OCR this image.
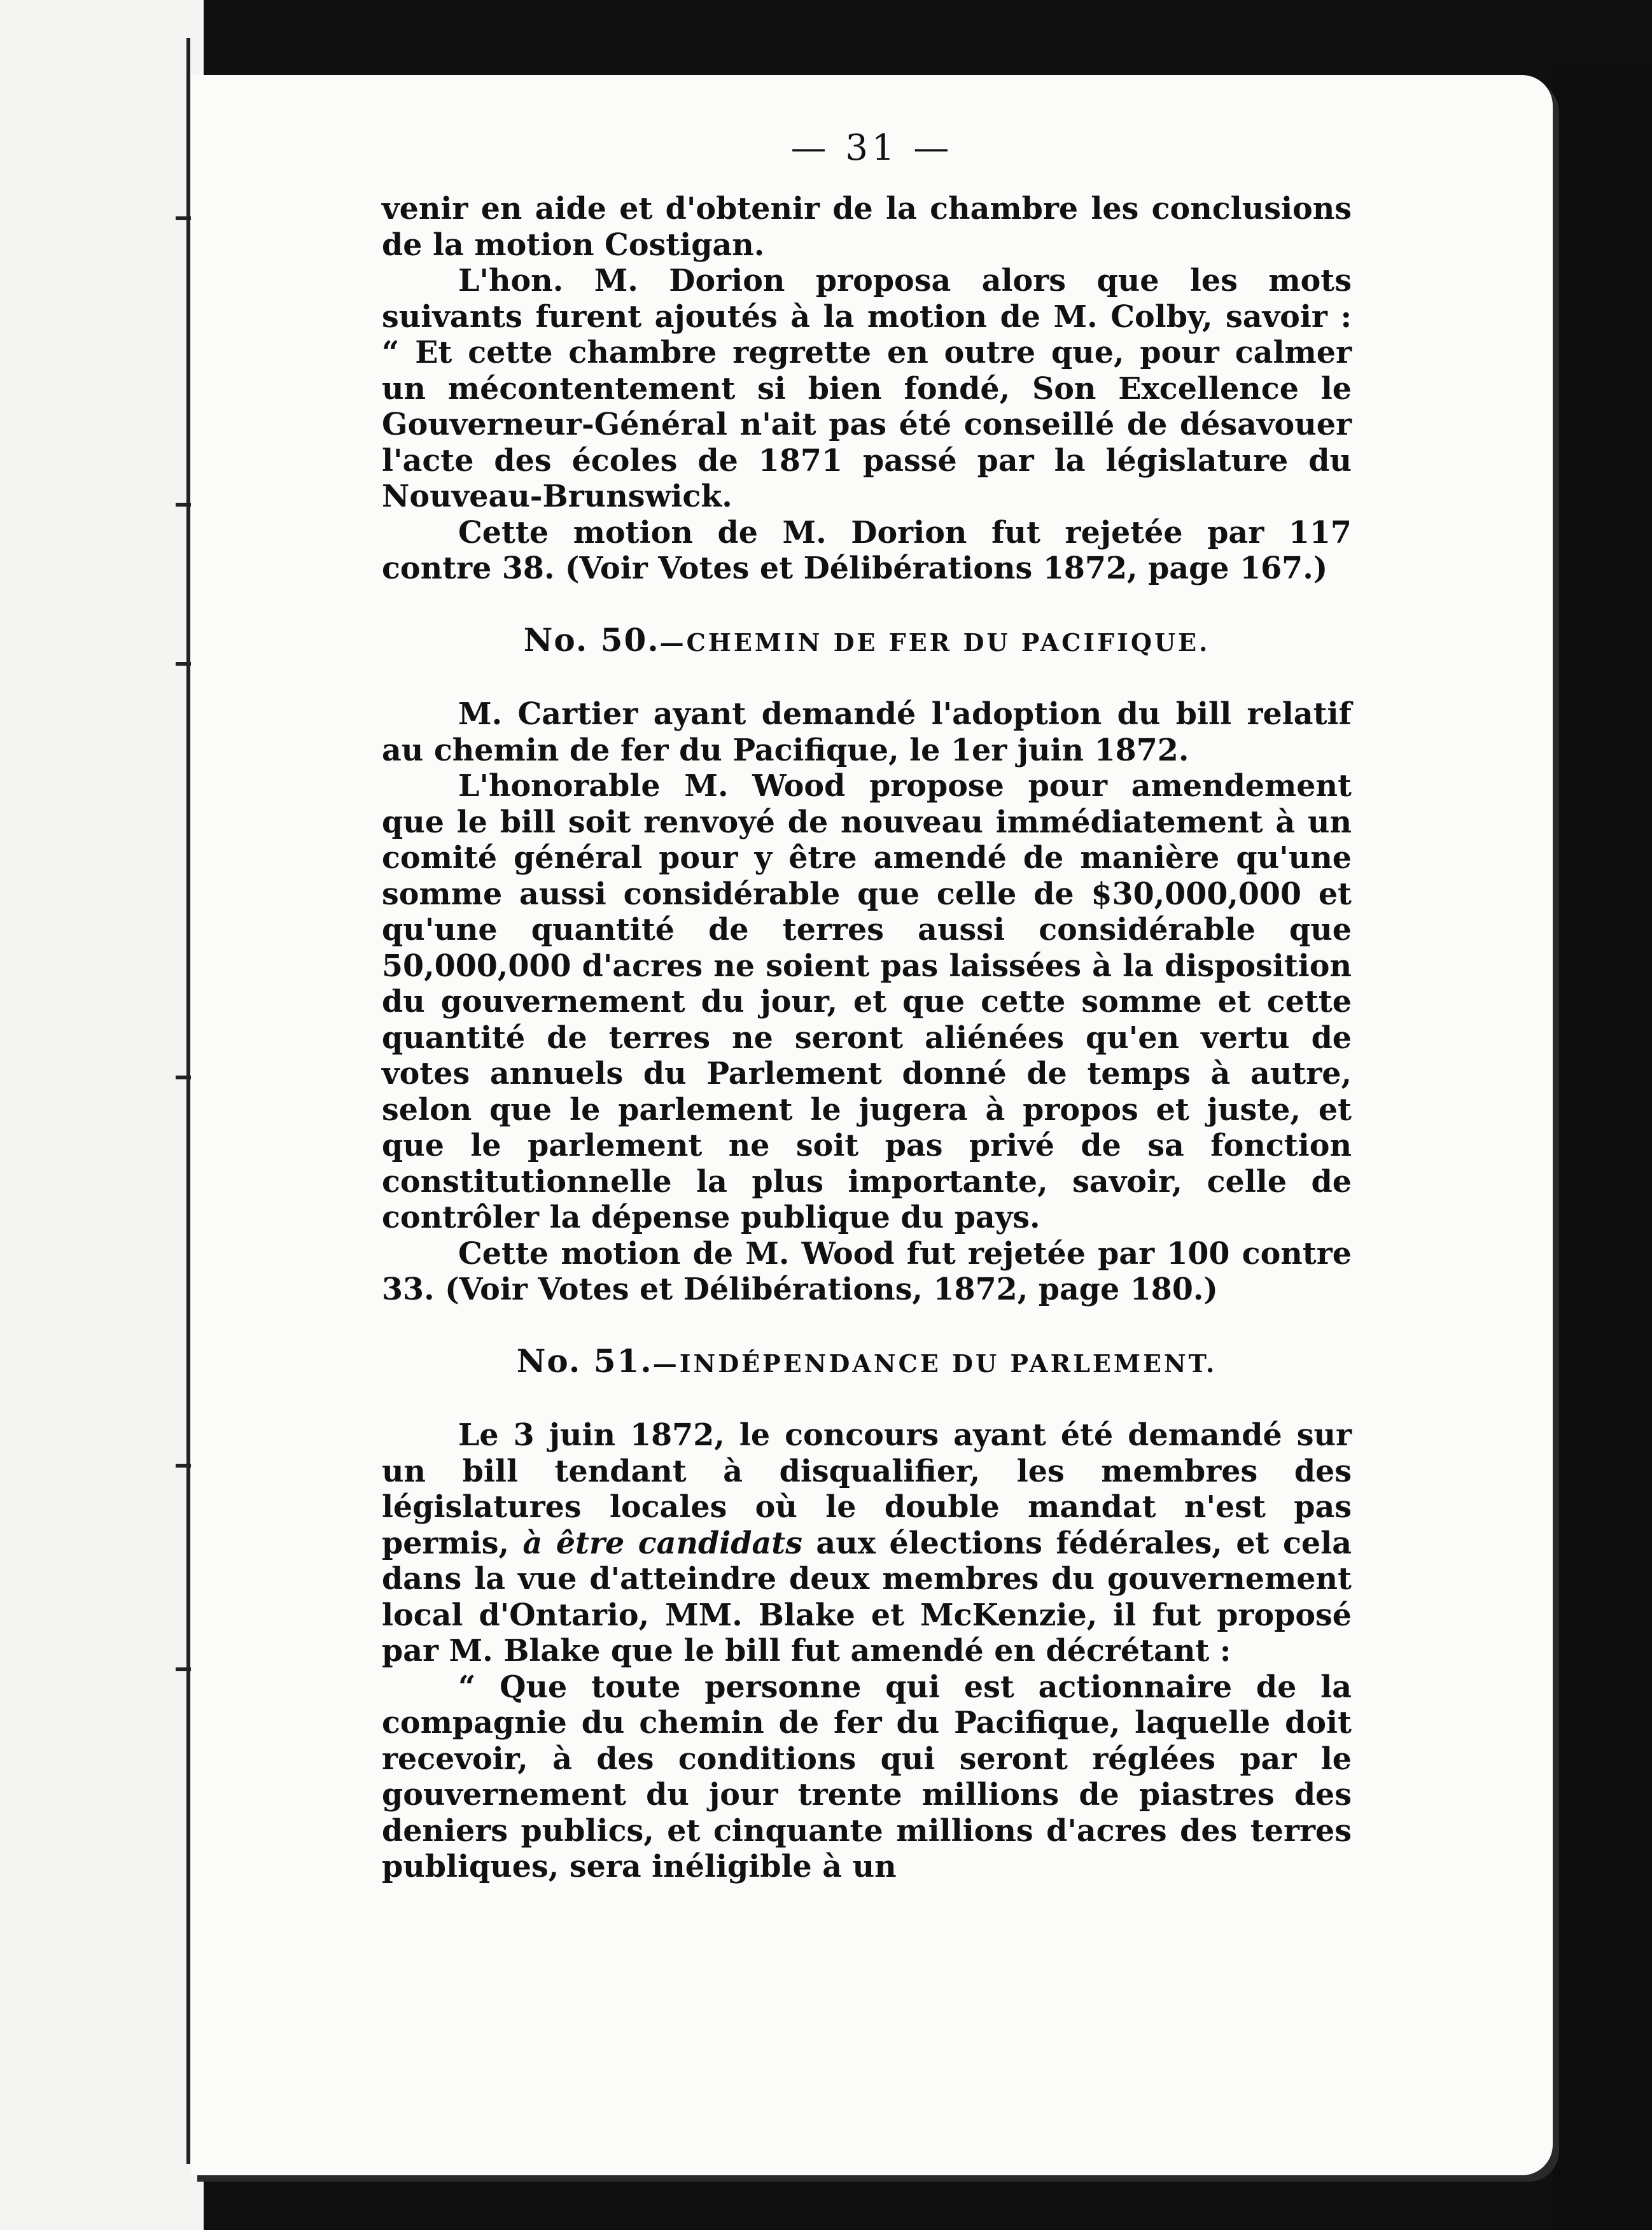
— 31 —

venir en aide et d'obtenir de la chambre les conclusions de la motion Costigan.

L'hon. M. Dorion proposa alors que les mots suivants furent ajoutés à la motion de M. Colby, savoir : “ Et cette chambre regrette en outre que, pour calmer un mécontentement si bien fondé, Son Excellence le Gouverneur-Général n'ait pas été conseillé de désavouer l'acte des écoles de 1871 passé par la législature du Nouveau-Brunswick.

Cette motion de M. Dorion fut rejetée par 117 contre 38. (Voir Votes et Délibérations 1872, page 167.)

No. 50.—CHEMIN DE FER DU PACIFIQUE.

M. Cartier ayant demandé l'adoption du bill relatif au chemin de fer du Pacifique, le 1er juin 1872.

L'honorable M. Wood propose pour amendement que le bill soit renvoyé de nouveau immédiatement à un comité général pour y être amendé de manière qu'une somme aussi considérable que celle de $30,000,000 et qu'une quantité de terres aussi considérable que 50,000,000 d'acres ne soient pas laissées à la disposition du gouvernement du jour, et que cette somme et cette quantité de terres ne seront aliénées qu'en vertu de votes annuels du Parlement donné de temps à autre, selon que le parlement le jugera à propos et juste, et que le parlement ne soit pas privé de sa fonction constitutionnelle la plus importante, savoir, celle de contrôler la dépense publique du pays.

Cette motion de M. Wood fut rejetée par 100 contre 33. (Voir Votes et Délibérations, 1872, page 180.)

No. 51.—INDÉPENDANCE DU PARLEMENT.

Le 3 juin 1872, le concours ayant été demandé sur un bill tendant à disqualifier, les membres des législatures locales où le double mandat n'est pas permis, à être candidats aux élections fédérales, et cela dans la vue d'atteindre deux membres du gouvernement local d'Ontario, MM. Blake et McKenzie, il fut proposé par M. Blake que le bill fut amendé en décrétant :

“ Que toute personne qui est actionnaire de la compagnie du chemin de fer du Pacifique, laquelle doit recevoir, à des conditions qui seront réglées par le gouvernement du jour trente millions de piastres des deniers publics, et cinquante millions d'acres des terres publiques, sera inéligible à un
